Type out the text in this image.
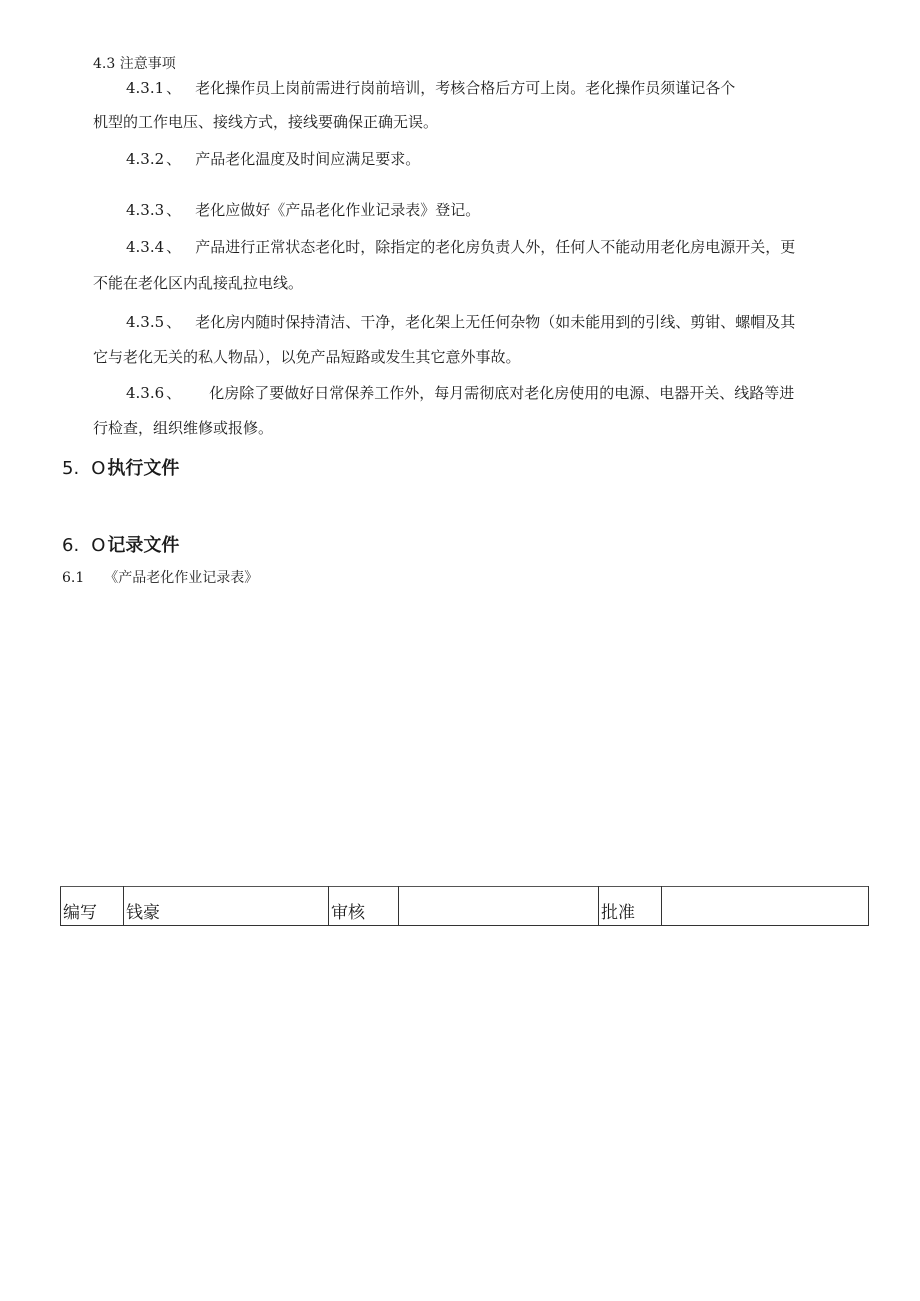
4.3 注意事项
4.3.1 、 老化操作员上岗前需进行岗前培训，考核合格后方可上岗。老化操作员须谨记各个
机型的工作电压、接线方式，接线要确保正确无误。
4.3.2 、 产品老化温度及时间应满足要求。
4.3.3 、 老化应做好《产品老化作业记录表》登记。
4.3.4 、 产品进行正常状态老化时，除指定的老化房负责人外，任何人不能动用老化房电源开关，更
不能在老化区内乱接乱拉电线。
4.3.5 、 老化房内随时保持清洁、干净，老化架上无任何杂物（如未能用到的引线、剪钳、螺帽及其
它与老化无关的私人物品），以免产品短路或发生其它意外事故。
4.3.6 、 化房除了要做好日常保养工作外，每月需彻底对老化房使用的电源、电器开关、线路等进
行检查，组织维修或报修。
5. O 执行文件
6. O 记录文件
6.1 《产品老化作业记录表》
编写	钱豪	审核		批准	
